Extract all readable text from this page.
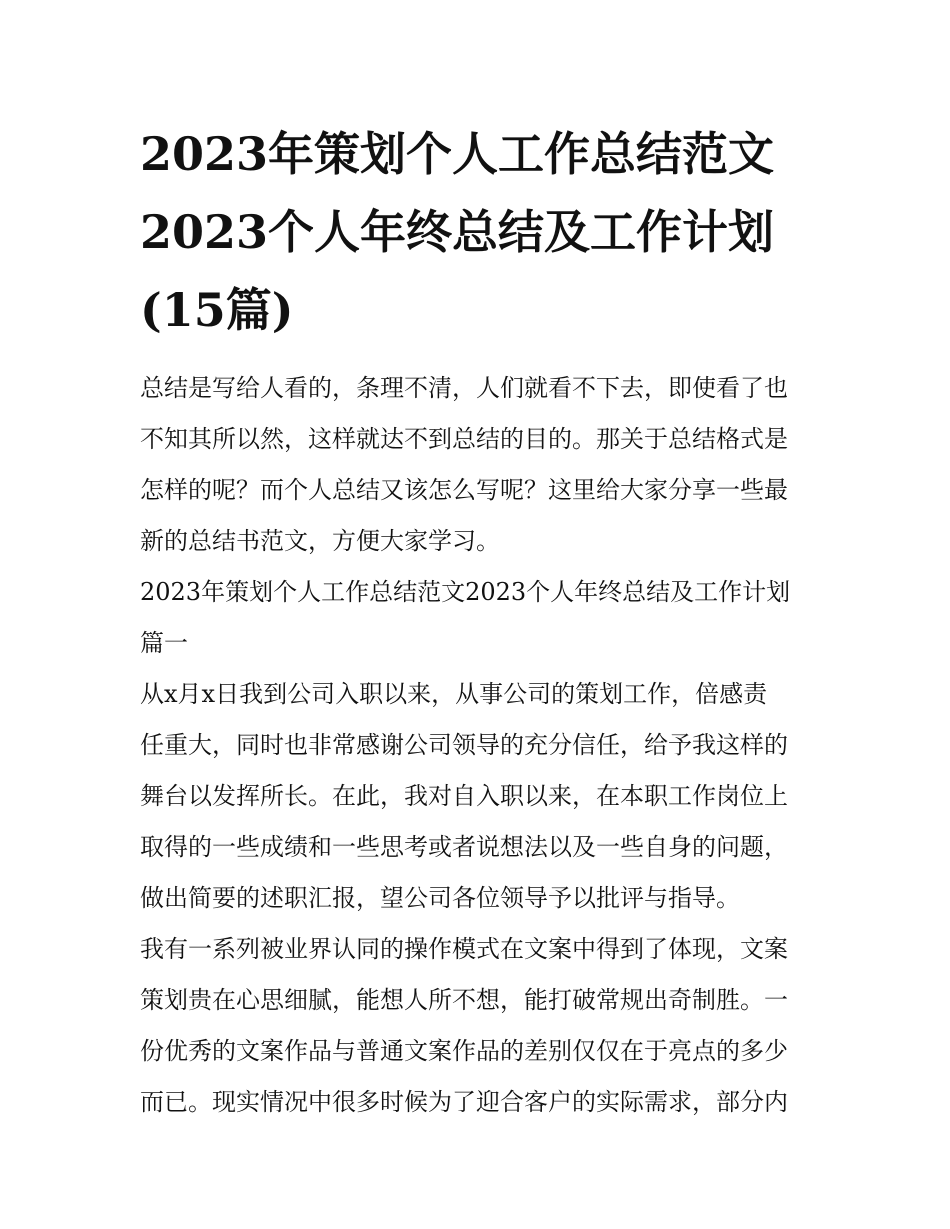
2023年策划个人工作总结范文
2023个人年终总结及工作计划
(15篇)

总结是写给人看的，条理不清，人们就看不下去，即使看了也
不知其所以然，这样就达不到总结的目的。那关于总结格式是
怎样的呢？而个人总结又该怎么写呢？这里给大家分享一些最
新的总结书范文，方便大家学习。

2023年策划个人工作总结范文2023个人年终总结及工作计划
篇一

从x月x日我到公司入职以来，从事公司的策划工作，倍感责
任重大，同时也非常感谢公司领导的充分信任，给予我这样的
舞台以发挥所长。在此，我对自入职以来，在本职工作岗位上
取得的一些成绩和一些思考或者说想法以及一些自身的问题，
做出简要的述职汇报，望公司各位领导予以批评与指导。

我有一系列被业界认同的操作模式在文案中得到了体现，文案
策划贵在心思细腻，能想人所不想，能打破常规出奇制胜。一
份优秀的文案作品与普通文案作品的差别仅仅在于亮点的多少
而已。现实情况中很多时候为了迎合客户的实际需求，部分内
